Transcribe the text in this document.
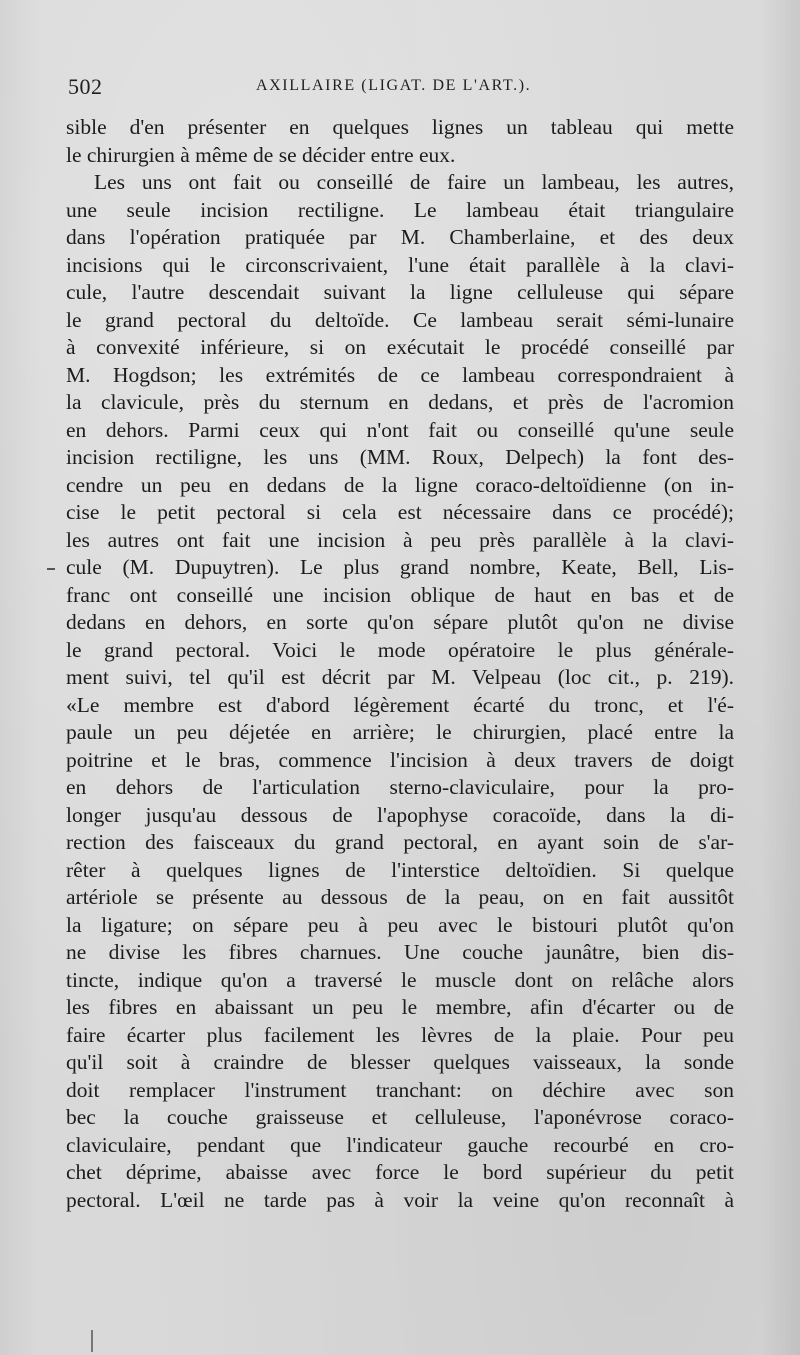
502	AXILLAIRE (LIGAT. DE L'ART.).
sible d'en présenter en quelques lignes un tableau qui mette
le chirurgien à même de se décider entre eux.
Les uns ont fait ou conseillé de faire un lambeau, les autres,
une seule incision rectiligne. Le lambeau était triangulaire
dans l'opération pratiquée par M. Chamberlaine, et des deux
incisions qui le circonscrivaient, l'une était parallèle à la clavi-
cule, l'autre descendait suivant la ligne celluleuse qui sépare
le grand pectoral du deltoïde. Ce lambeau serait sémi-lunaire
à convexité inférieure, si on exécutait le procédé conseillé par
M. Hogdson; les extrémités de ce lambeau correspondraient à
la clavicule, près du sternum en dedans, et près de l'acromion
en dehors. Parmi ceux qui n'ont fait ou conseillé qu'une seule
incision rectiligne, les uns (MM. Roux, Delpech) la font des-
cendre un peu en dedans de la ligne coraco-deltoïdienne (on in-
cise le petit pectoral si cela est nécessaire dans ce procédé);
les autres ont fait une incision à peu près parallèle à la clavi-
cule (M. Dupuytren). Le plus grand nombre, Keate, Bell, Lis-
franc ont conseillé une incision oblique de haut en bas et de
dedans en dehors, en sorte qu'on sépare plutôt qu'on ne divise
le grand pectoral. Voici le mode opératoire le plus générale-
ment suivi, tel qu'il est décrit par M. Velpeau (loc cit., p. 219).
«Le membre est d'abord légèrement écarté du tronc, et l'é-
paule un peu déjetée en arrière; le chirurgien, placé entre la
poitrine et le bras, commence l'incision à deux travers de doigt
en dehors de l'articulation sterno-claviculaire, pour la pro-
longer jusqu'au dessous de l'apophyse coracoïde, dans la di-
rection des faisceaux du grand pectoral, en ayant soin de s'ar-
rêter à quelques lignes de l'interstice deltoïdien. Si quelque
artériole se présente au dessous de la peau, on en fait aussitôt
la ligature; on sépare peu à peu avec le bistouri plutôt qu'on
ne divise les fibres charnues. Une couche jaunâtre, bien dis-
tincte, indique qu'on a traversé le muscle dont on relâche alors
les fibres en abaissant un peu le membre, afin d'écarter ou de
faire écarter plus facilement les lèvres de la plaie. Pour peu
qu'il soit à craindre de blesser quelques vaisseaux, la sonde
doit remplacer l'instrument tranchant: on déchire avec son
bec la couche graisseuse et celluleuse, l'aponévrose coraco-
claviculaire, pendant que l'indicateur gauche recourbé en cro-
chet déprime, abaisse avec force le bord supérieur du petit
pectoral. L'œil ne tarde pas à voir la veine qu'on reconnaît à
